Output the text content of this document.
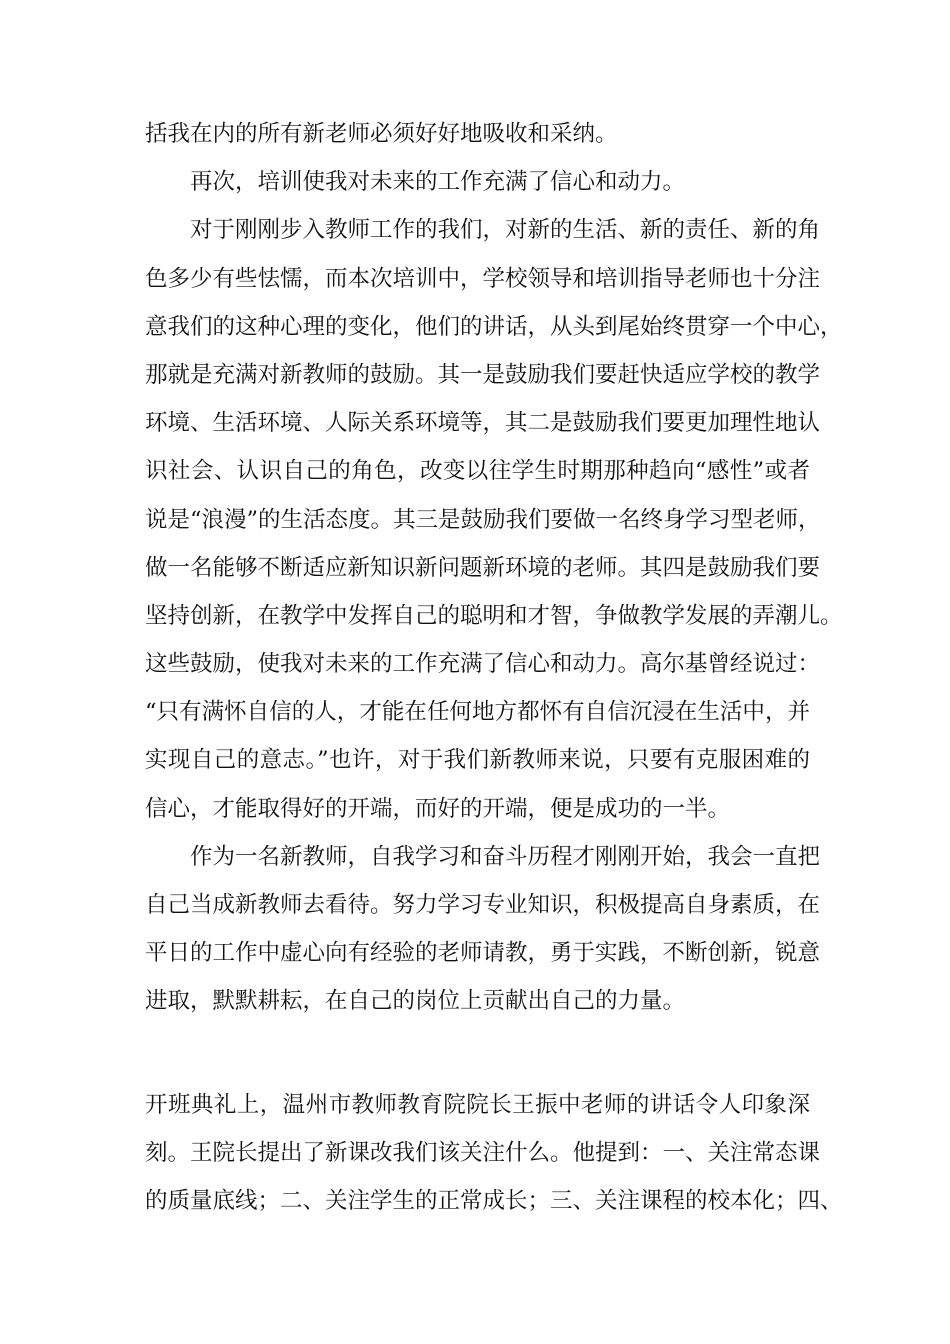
括我在内的所有新老师必须好好地吸收和采纳。
再次，培训使我对未来的工作充满了信心和动力。
对于刚刚步入教师工作的我们，对新的生活、新的责任、新的角
色多少有些怯懦，而本次培训中，学校领导和培训指导老师也十分注
意我们的这种心理的变化，他们的讲话，从头到尾始终贯穿一个中心，
那就是充满对新教师的鼓励。其一是鼓励我们要赶快适应学校的教学
环境、生活环境、人际关系环境等，其二是鼓励我们要更加理性地认
识社会、认识自己的角色，改变以往学生时期那种趋向“感性”或者
说是“浪漫”的生活态度。其三是鼓励我们要做一名终身学习型老师，
做一名能够不断适应新知识新问题新环境的老师。其四是鼓励我们要
坚持创新，在教学中发挥自己的聪明和才智，争做教学发展的弄潮儿。
这些鼓励，使我对未来的工作充满了信心和动力。高尔基曾经说过：
“只有满怀自信的人，才能在任何地方都怀有自信沉浸在生活中，并
实现自己的意志。”也许，对于我们新教师来说，只要有克服困难的
信心，才能取得好的开端，而好的开端，便是成功的一半。
作为一名新教师，自我学习和奋斗历程才刚刚开始，我会一直把
自己当成新教师去看待。努力学习专业知识，积极提高自身素质，在
平日的工作中虚心向有经验的老师请教，勇于实践，不断创新，锐意
进取，默默耕耘，在自己的岗位上贡献出自己的力量。
开班典礼上，温州市教师教育院院长王振中老师的讲话令人印象深
刻。王院长提出了新课改我们该关注什么。他提到：一、关注常态课
的质量底线；二、关注学生的正常成长；三、关注课程的校本化；四、
